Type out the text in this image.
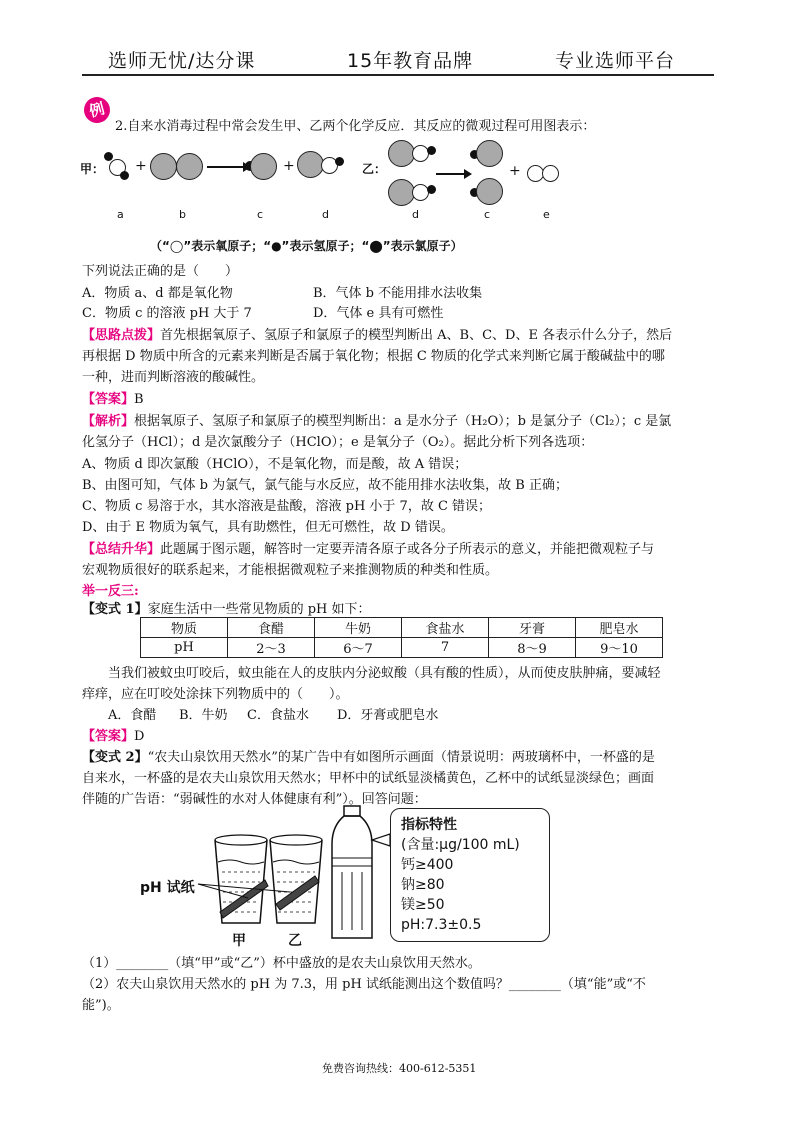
选师无忧/达分课	15年教育品牌	专业选师平台
例
2.自来水消毒过程中常会发生甲、乙两个化学反应．其反应的微观过程可用图表示：
甲： +	+	乙：	+
a	b	c	d	d	c	e
（“◯”表示氧原子；“●”表示氢原子；“⬤”表示氯原子）
下列说法正确的是（　　）
A．物质 a、d 都是氧化物	B．气体 b 不能用排水法收集
C．物质 c 的溶液 pH 大于 7	D．气体 e 具有可燃性
【思路点拨】首先根据氧原子、氢原子和氯原子的模型判断出 A、B、C、D、E 各表示什么分子，然后
再根据 D 物质中所含的元素来判断是否属于氧化物；根据 C 物质的化学式来判断它属于酸碱盐中的哪
一种，进而判断溶液的酸碱性。
【答案】B
【解析】根据氧原子、氢原子和氯原子的模型判断出：a 是水分子（H₂O）；b 是氯分子（Cl₂）；c 是氯
化氢分子（HCl）；d 是次氯酸分子（HClO）；e 是氧分子（O₂）。据此分析下列各选项：
A、物质 d 即次氯酸（HClO），不是氧化物，而是酸，故 A 错误；
B、由图可知，气体 b 为氯气，氯气能与水反应，故不能用排水法收集，故 B 正确；
C、物质 c 易溶于水，其水溶液是盐酸，溶液 pH 小于 7，故 C 错误；
D、由于 E 物质为氧气，具有助燃性，但无可燃性，故 D 错误。
【总结升华】此题属于图示题，解答时一定要弄清各原子或各分子所表示的意义，并能把微观粒子与
宏观物质很好的联系起来，才能根据微观粒子来推测物质的种类和性质。
举一反三:
【变式 1】家庭生活中一些常见物质的 pH 如下：
物质	食醋	牛奶	食盐水	牙膏	肥皂水
pH	2～3	6～7	7	8～9	9～10
当我们被蚊虫叮咬后，蚊虫能在人的皮肤内分泌蚁酸（具有酸的性质），从而使皮肤肿痛，要减轻
痒痒，应在叮咬处涂抹下列物质中的（　　）。
A．食醋 B．牛奶 C．食盐水 D．牙膏或肥皂水
【答案】D
【变式 2】“农夫山泉饮用天然水”的某广告中有如图所示画面（情景说明：两玻璃杯中，一杯盛的是
自来水，一杯盛的是农夫山泉饮用天然水；甲杯中的试纸显淡橘黄色，乙杯中的试纸显淡绿色；画面
伴随的广告语：“弱碱性的水对人体健康有利”）。回答问题：
pH 试纸
甲	乙
指标特性
(含量:μg/100 mL)
钙≥400
钠≥80
镁≥50
pH:7.3±0.5
（1）________（填“甲”或“乙”）杯中盛放的是农夫山泉饮用天然水。
（2）农夫山泉饮用天然水的 pH 为 7.3，用 pH 试纸能测出这个数值吗？________（填“能”或“不
能”)。
免费咨询热线：400-612-5351
